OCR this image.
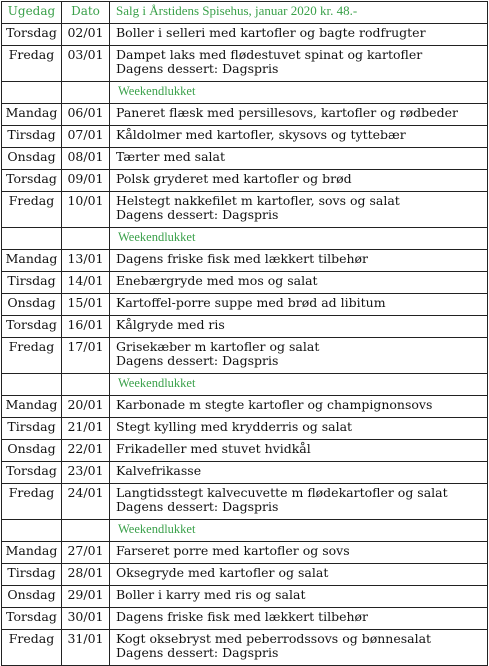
Ugedag	Dato	Salg i Årstidens Spisehus, januar 2020 kr. 48.-
Torsdag	02/01	Boller i selleri med kartofler og bagte rodfrugter

Fredag	03/01	Dampet laks med flødestuvet spinat og kartofler
Dagens dessert: Dagspris

		Weekendlukket
Mandag	06/01	Paneret flæsk med persillesovs, kartofler og rødbeder

Tirsdag	07/01	Kåldolmer med kartofler, skysovs og tyttebær

Onsdag	08/01	Tærter med salat

Torsdag	09/01	Polsk gryderet med kartofler og brød

Fredag	10/01	Helstegt nakkefilet m kartofler, sovs og salat
Dagens dessert: Dagspris

		Weekendlukket
Mandag	13/01	Dagens friske fisk med lækkert tilbehør

Tirsdag	14/01	Enebærgryde med mos og salat

Onsdag	15/01	Kartoffel-porre suppe med brød ad libitum

Torsdag	16/01	Kålgryde med ris

Fredag	17/01	Grisekæber m kartofler og salat
Dagens dessert: Dagspris

		Weekendlukket
Mandag	20/01	Karbonade m stegte kartofler og champignonsovs

Tirsdag	21/01	Stegt kylling med krydderris og salat

Onsdag	22/01	Frikadeller med stuvet hvidkål

Torsdag	23/01	Kalvefrikasse

Fredag	24/01	Langtidsstegt kalvecuvette m flødekartofler og salat
Dagens dessert: Dagspris

		Weekendlukket
Mandag	27/01	Farseret porre med kartofler og sovs

Tirsdag	28/01	Oksegryde med kartofler og salat

Onsdag	29/01	Boller i karry med ris og salat

Torsdag	30/01	Dagens friske fisk med lækkert tilbehør

Fredag	31/01	Kogt oksebryst med peberrodssovs og bønnesalat
Dagens dessert: Dagspris
